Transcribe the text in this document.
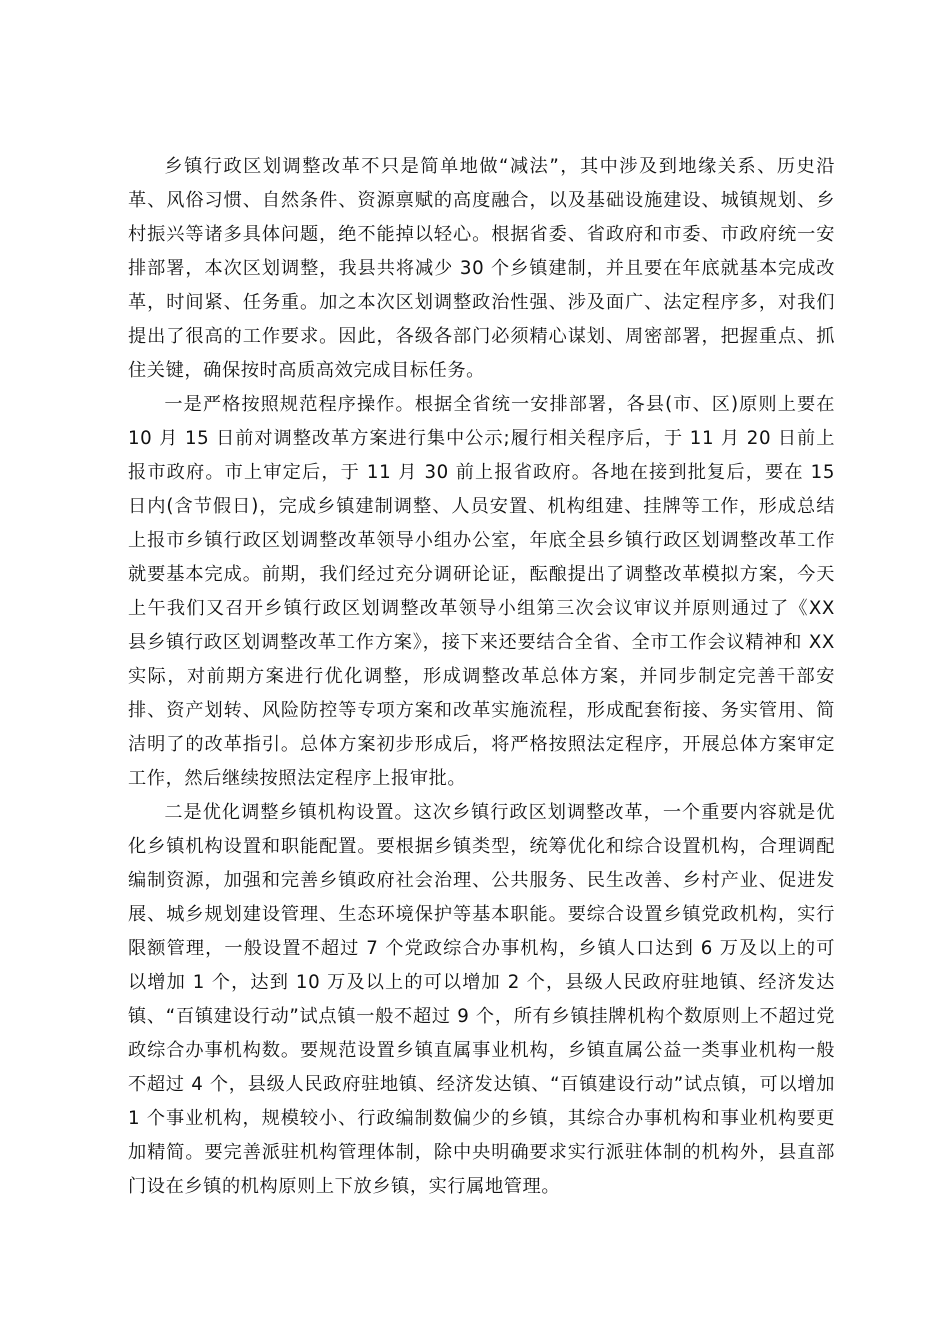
乡镇行政区划调整改革不只是简单地做“减法”，其中涉及到地缘关系、历史沿革、风俗习惯、自然条件、资源禀赋的高度融合，以及基础设施建设、城镇规划、乡村振兴等诸多具体问题，绝不能掉以轻心。根据省委、省政府和市委、市政府统一安排部署，本次区划调整，我县共将减少 30 个乡镇建制，并且要在年底就基本完成改革，时间紧、任务重。加之本次区划调整政治性强、涉及面广、法定程序多，对我们提出了很高的工作要求。因此，各级各部门必须精心谋划、周密部署，把握重点、抓住关键，确保按时高质高效完成目标任务。

一是严格按照规范程序操作。根据全省统一安排部署，各县(市、区)原则上要在 10 月 15 日前对调整改革方案进行集中公示;履行相关程序后，于 11 月 20 日前上报市政府。市上审定后，于 11 月 30 前上报省政府。各地在接到批复后，要在 15 日内(含节假日)，完成乡镇建制调整、人员安置、机构组建、挂牌等工作，形成总结上报市乡镇行政区划调整改革领导小组办公室，年底全县乡镇行政区划调整改革工作就要基本完成。前期，我们经过充分调研论证，酝酿提出了调整改革模拟方案，今天上午我们又召开乡镇行政区划调整改革领导小组第三次会议审议并原则通过了《XX 县乡镇行政区划调整改革工作方案》，接下来还要结合全省、全市工作会议精神和 XX 实际，对前期方案进行优化调整，形成调整改革总体方案，并同步制定完善干部安排、资产划转、风险防控等专项方案和改革实施流程，形成配套衔接、务实管用、简洁明了的改革指引。总体方案初步形成后，将严格按照法定程序，开展总体方案审定工作，然后继续按照法定程序上报审批。

二是优化调整乡镇机构设置。这次乡镇行政区划调整改革，一个重要内容就是优化乡镇机构设置和职能配置。要根据乡镇类型，统筹优化和综合设置机构，合理调配编制资源，加强和完善乡镇政府社会治理、公共服务、民生改善、乡村产业、促进发展、城乡规划建设管理、生态环境保护等基本职能。要综合设置乡镇党政机构，实行限额管理，一般设置不超过 7 个党政综合办事机构，乡镇人口达到 6 万及以上的可以增加 1 个，达到 10 万及以上的可以增加 2 个，县级人民政府驻地镇、经济发达镇、“百镇建设行动”试点镇一般不超过 9 个，所有乡镇挂牌机构个数原则上不超过党政综合办事机构数。要规范设置乡镇直属事业机构，乡镇直属公益一类事业机构一般不超过 4 个，县级人民政府驻地镇、经济发达镇、“百镇建设行动”试点镇，可以增加 1 个事业机构，规模较小、行政编制数偏少的乡镇，其综合办事机构和事业机构要更加精简。要完善派驻机构管理体制，除中央明确要求实行派驻体制的机构外，县直部门设在乡镇的机构原则上下放乡镇，实行属地管理。
